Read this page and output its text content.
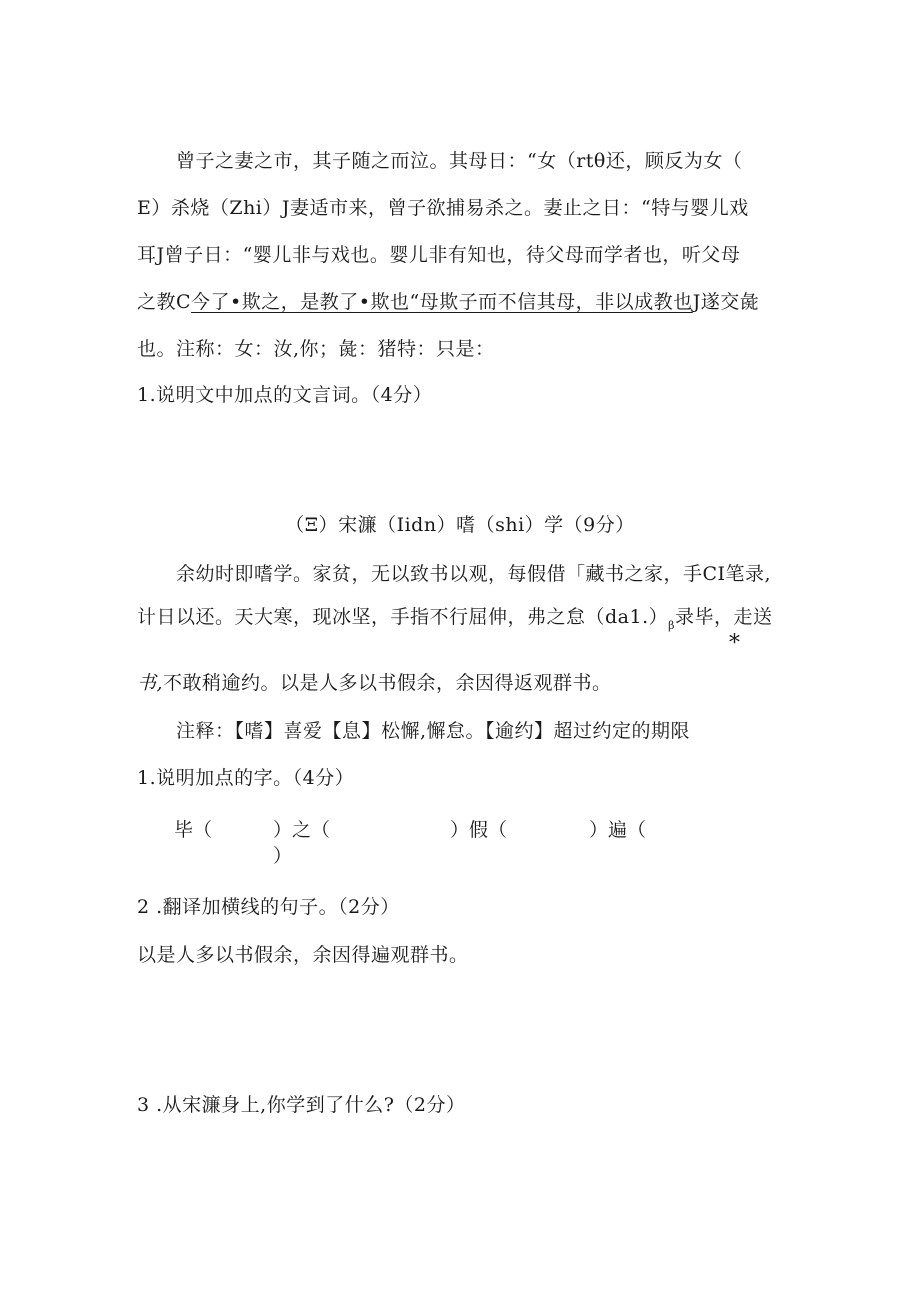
曾子之妻之市，其子随之而泣。其母日：“女（rtθ还，顾反为女（
E）杀烧（Zhi）J妻适市来，曾子欲捕易杀之。妻止之日：“特与婴儿戏
耳J曾子日：“婴儿非与戏也。婴儿非有知也，待父母而学者也，听父母
之教C今了•欺之，是教了•欺也“母欺子而不信其母，非以成教也J遂交彘
也。注称：女：汝,你；彘：猪特：只是：
1.说明文中加点的文言词。（4分）
（Ξ）宋濂（Iidn）嗜（shi）学（9分）
余幼时即嗜学。家贫，无以致书以观，每假借「藏书之家，手CI笔录,
计日以还。天大寒，现冰坚，手指不行屈伸，弗之怠$(da1.)_\beta$录毕，走送
*
书,不敢稍逾约。以是人多以书假余，余因得返观群书。
注释：【嗜】喜爱【息】松懈,懈怠。【逾约】超过约定的期限
1.说明加点的字。（4分）
毕（	）之（	）假（	）遍（
）
2 .翻译加横线的句子。（2分）
以是人多以书假余，余因得遍观群书。
3 .从宋濂身上,你学到了什么?（2分）
